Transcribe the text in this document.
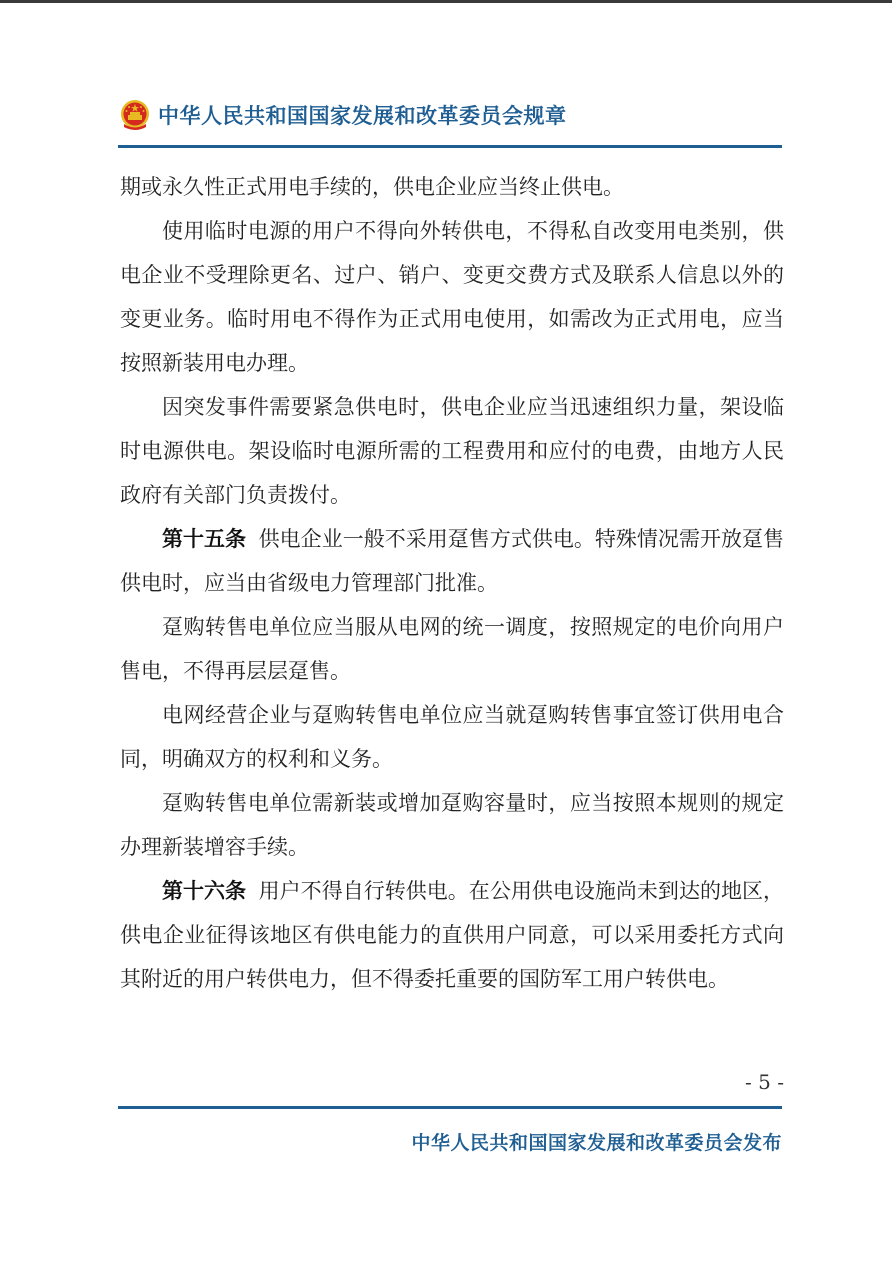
中华人民共和国国家发展和改革委员会规章

期或永久性正式用电手续的，供电企业应当终止供电。

使用临时电源的用户不得向外转供电，不得私自改变用电类别，供电企业不受理除更名、过户、销户、变更交费方式及联系人信息以外的变更业务。临时用电不得作为正式用电使用，如需改为正式用电，应当按照新装用电办理。

因突发事件需要紧急供电时，供电企业应当迅速组织力量，架设临时电源供电。架设临时电源所需的工程费用和应付的电费，由地方人民政府有关部门负责拨付。

第十五条 供电企业一般不采用趸售方式供电。特殊情况需开放趸售供电时，应当由省级电力管理部门批准。

趸购转售电单位应当服从电网的统一调度，按照规定的电价向用户售电，不得再层层趸售。

电网经营企业与趸购转售电单位应当就趸购转售事宜签订供用电合同，明确双方的权利和义务。

趸购转售电单位需新装或增加趸购容量时，应当按照本规则的规定办理新装增容手续。

第十六条 用户不得自行转供电。在公用供电设施尚未到达的地区，供电企业征得该地区有供电能力的直供用户同意，可以采用委托方式向其附近的用户转供电力，但不得委托重要的国防军工用户转供电。

- 5 -
中华人民共和国国家发展和改革委员会发布
